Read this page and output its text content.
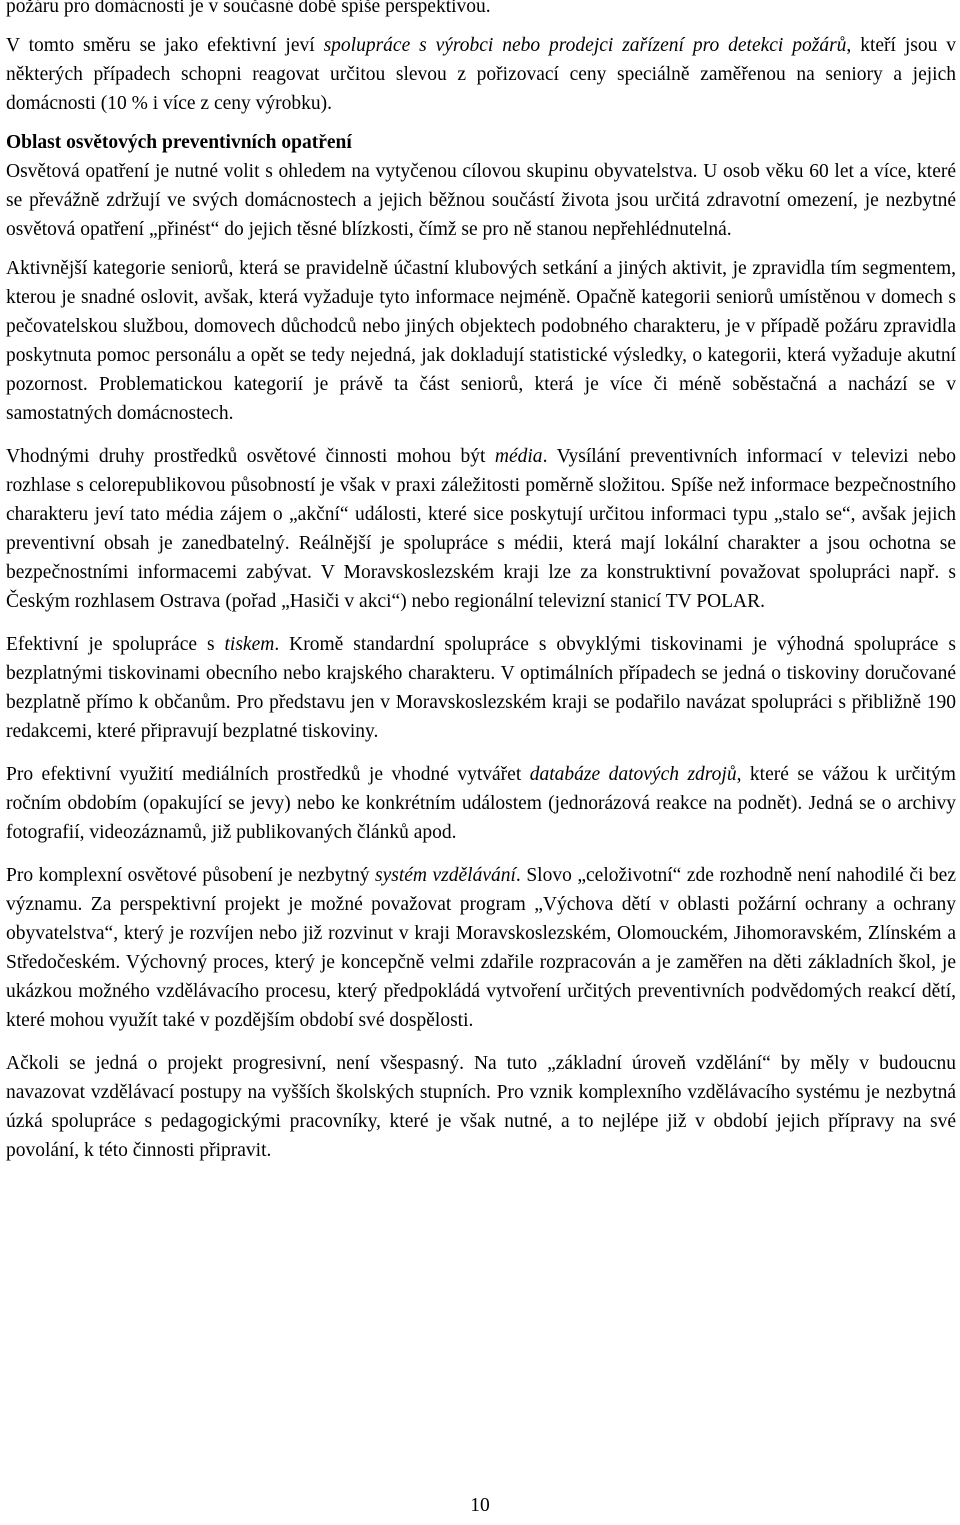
požáru pro domácnosti je v současné době spíše perspektivou.

V tomto směru se jako efektivní jeví spolupráce s výrobci nebo prodejci zařízení pro detekci požárů, kteří jsou v některých případech schopni reagovat určitou slevou z pořizovací ceny speciálně zaměřenou na seniory a jejich domácnosti (10 % i více z ceny výrobku).

Oblast osvětových preventivních opatření

Osvětová opatření je nutné volit s ohledem na vytyčenou cílovou skupinu obyvatelstva. U osob věku 60 let a více, které se převážně zdržují ve svých domácnostech a jejich běžnou součástí života jsou určitá zdravotní omezení, je nezbytné osvětová opatření „přinést“ do jejich těsné blízkosti, čímž se pro ně stanou nepřehlédnutelná.

Aktivnější kategorie seniorů, která se pravidelně účastní klubových setkání a jiných aktivit, je zpravidla tím segmentem, kterou je snadné oslovit, avšak, která vyžaduje tyto informace nejméně. Opačně kategorii seniorů umístěnou v domech s pečovatelskou službou, domovech důchodců nebo jiných objektech podobného charakteru, je v případě požáru zpravidla poskytnuta pomoc personálu a opět se tedy nejedná, jak dokladují statistické výsledky, o kategorii, která vyžaduje akutní pozornost. Problematickou kategorií je právě ta část seniorů, která je více či méně soběstačná a nachází se v samostatných domácnostech.

Vhodnými druhy prostředků osvětové činnosti mohou být média. Vysílání preventivních informací v televizi nebo rozhlase s celorepublikovou působností je však v praxi záležitosti poměrně složitou. Spíše než informace bezpečnostního charakteru jeví tato média zájem o „akční“ události, které sice poskytují určitou informaci typu „stalo se“, avšak jejich preventivní obsah je zanedbatelný. Reálnější je spolupráce s médii, která mají lokální charakter a jsou ochotna se bezpečnostními informacemi zabývat. V Moravskoslezském kraji lze za konstruktivní považovat spolupráci např. s Českým rozhlasem Ostrava (pořad „Hasiči v akci“) nebo regionální televizní stanicí TV POLAR.

Efektivní je spolupráce s tiskem. Kromě standardní spolupráce s obvyklými tiskovinami je výhodná spolupráce s bezplatnými tiskovinami obecního nebo krajského charakteru. V optimálních případech se jedná o tiskoviny doručované bezplatně přímo k občanům. Pro představu jen v Moravskoslezském kraji se podařilo navázat spolupráci s přibližně 190 redakcemi, které připravují bezplatné tiskoviny.

Pro efektivní využití mediálních prostředků je vhodné vytvářet databáze datových zdrojů, které se vážou k určitým ročním obdobím (opakující se jevy) nebo ke konkrétním událostem (jednorázová reakce na podnět). Jedná se o archivy fotografií, videozáznamů, již publikovaných článků apod.

Pro komplexní osvětové působení je nezbytný systém vzdělávání. Slovo „celoživotní“ zde rozhodně není nahodilé či bez významu. Za perspektivní projekt je možné považovat program „Výchova dětí v oblasti požární ochrany a ochrany obyvatelstva“, který je rozvíjen nebo již rozvinut v kraji Moravskoslezském, Olomouckém, Jihomoravském, Zlínském a Středočeském. Výchovný proces, který je koncepčně velmi zdařile rozpracován a je zaměřen na děti základních škol, je ukázkou možného vzdělávacího procesu, který předpokládá vytvoření určitých preventivních podvědomých reakcí dětí, které mohou využít také v pozdějším období své dospělosti.

Ačkoli se jedná o projekt progresivní, není všespasný. Na tuto „základní úroveň vzdělání“ by měly v budoucnu navazovat vzdělávací postupy na vyšších školských stupních. Pro vznik komplexního vzdělávacího systému je nezbytná úzká spolupráce s pedagogickými pracovníky, které je však nutné, a to nejlépe již v období jejich přípravy na své povolání, k této činnosti připravit.

10
